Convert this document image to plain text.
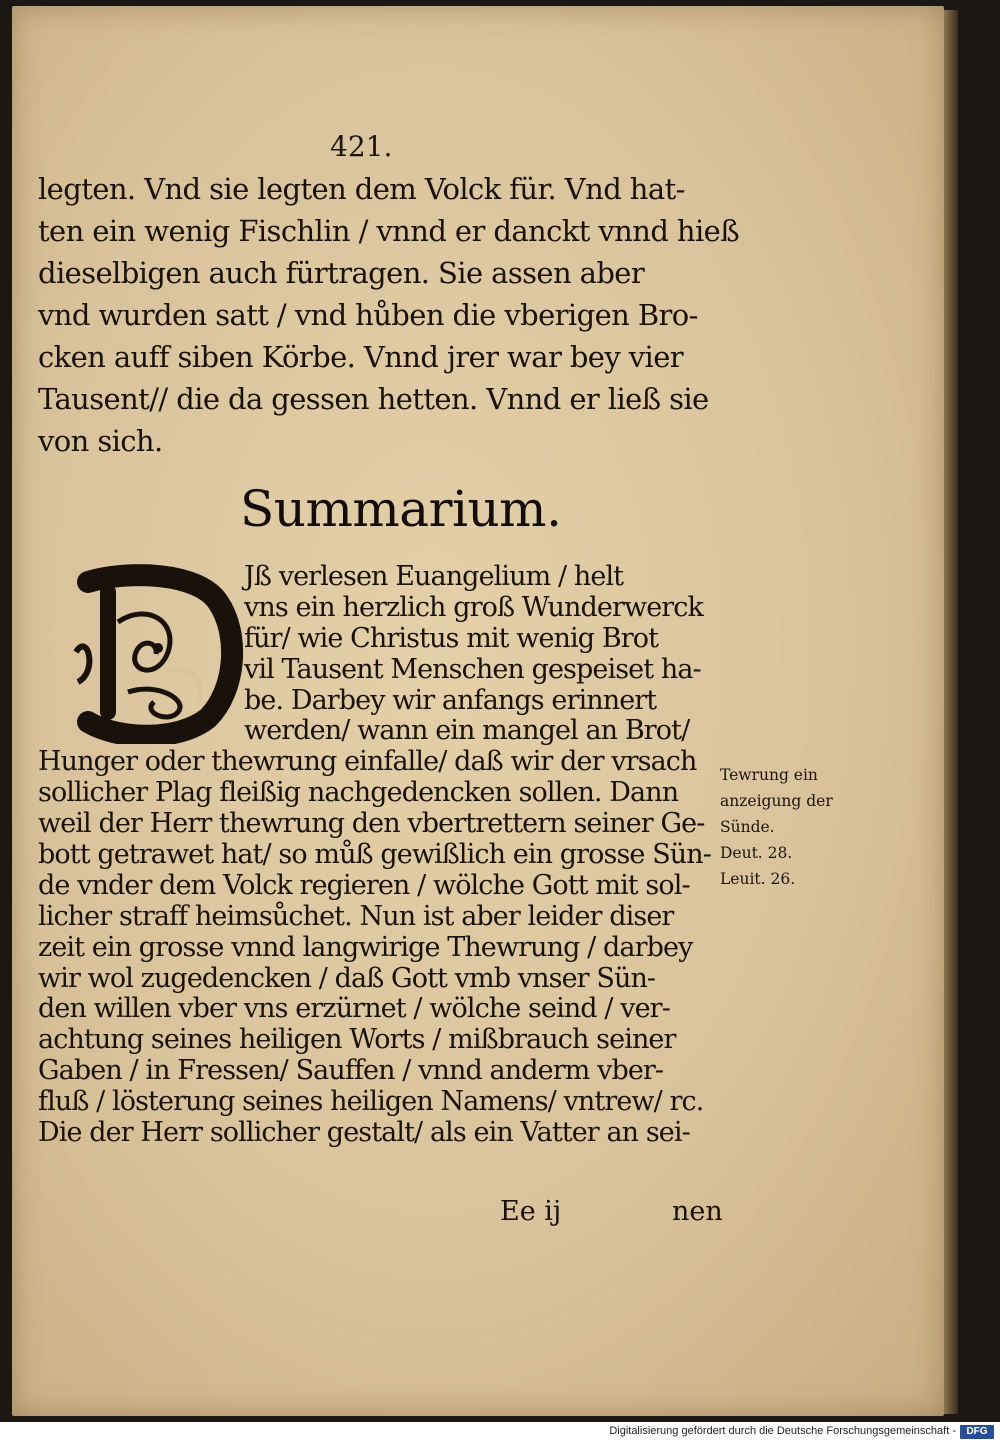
421.
legten. Vnd sie legten dem Volck für. Vnd hat-
ten ein wenig Fischlin / vnnd er danckt vnnd hieß
dieselbigen auch fürtragen. Sie assen aber
vnd wurden satt / vnd hůben die vberigen Bro-
cken auff siben Körbe. Vnnd jrer war bey vier
Tausent// die da gessen hetten. Vnnd er ließ sie
von sich.
Summarium.
Jß verlesen Euangelium / helt
vns ein herzlich groß Wunderwerck
für/ wie Christus mit wenig Brot
vil Tausent Menschen gespeiset ha-
be. Darbey wir anfangs erinnert
werden/ wann ein mangel an Brot/
Hunger oder thewrung einfalle/ daß wir der vrsach
sollicher Plag fleißig nachgedencken sollen. Dann
weil der Herr thewrung den vbertrettern seiner Ge-
bott getrawet hat/ so můß gewißlich ein grosse Sün-
de vnder dem Volck regieren / wölche Gott mit sol-
licher straff heimsůchet. Nun ist aber leider diser
zeit ein grosse vnnd langwirige Thewrung / darbey
wir wol zugedencken / daß Gott vmb vnser Sün-
den willen vber vns erzürnet / wölche seind / ver-
achtung seines heiligen Worts / mißbrauch seiner
Gaben / in Fressen/ Sauffen / vnnd anderm vber-
fluß / lösterung seines heiligen Namens/ vntrew/ rc.
Die der Herr sollicher gestalt/ als ein Vatter an sei-
Tewrung ein
anzeigung der
Sünde.
Deut. 28.
Leuit. 26.
Ee ij	nen
Digitalisierung gefördert durch die Deutsche Forschungsgemeinschaft -	DFG
